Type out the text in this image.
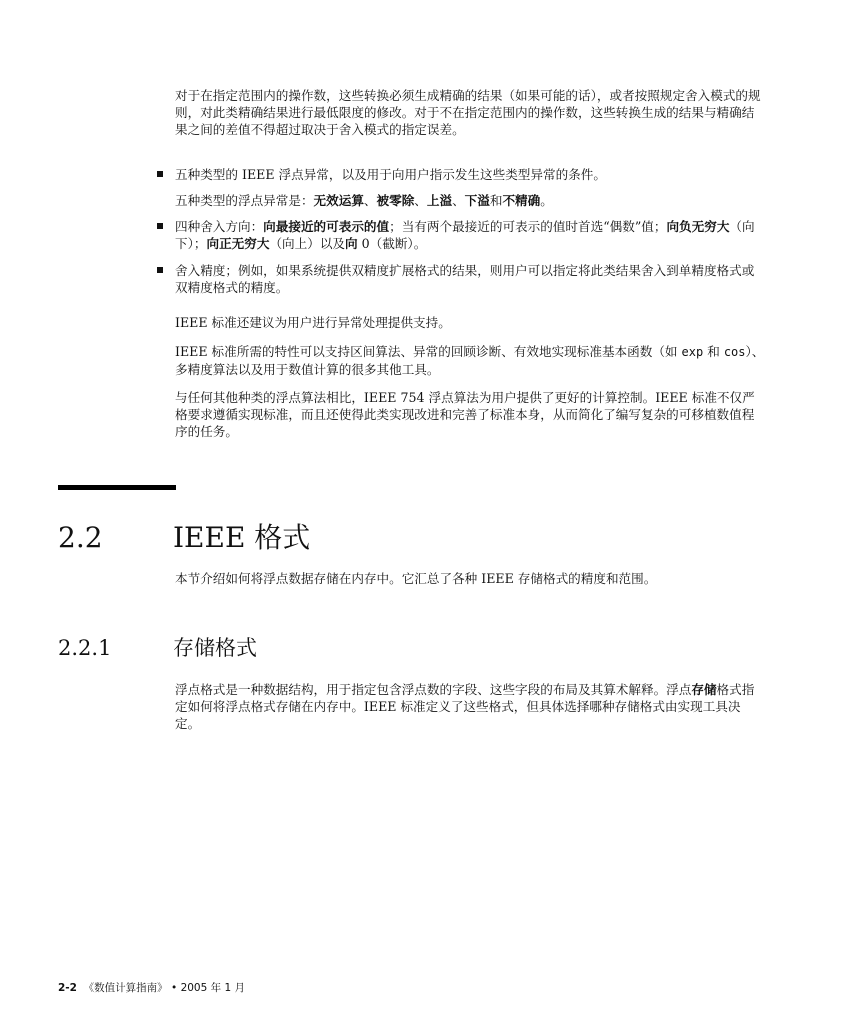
对于在指定范围内的操作数，这些转换必须生成精确的结果（如果可能的话），或者按照规定舍入模式的规则，对此类精确结果进行最低限度的修改。对于不在指定范围内的操作数，这些转换生成的结果与精确结果之间的差值不得超过取决于舍入模式的指定误差。

五种类型的 IEEE 浮点异常，以及用于向用户指示发生这些类型异常的条件。

五种类型的浮点异常是：无效运算、被零除、上溢、下溢和不精确。

四种舍入方向：向最接近的可表示的值；当有两个最接近的可表示的值时首选“偶数”值；向负无穷大（向下）；向正无穷大（向上）以及向 0（截断）。

舍入精度；例如，如果系统提供双精度扩展格式的结果，则用户可以指定将此类结果舍入到单精度格式或双精度格式的精度。

IEEE 标准还建议为用户进行异常处理提供支持。

IEEE 标准所需的特性可以支持区间算法、异常的回顾诊断、有效地实现标准基本函数（如 exp 和 cos）、多精度算法以及用于数值计算的很多其他工具。

与任何其他种类的浮点算法相比，IEEE 754 浮点算法为用户提供了更好的计算控制。IEEE 标准不仅严格要求遵循实现标准，而且还使得此类实现改进和完善了标准本身，从而简化了编写复杂的可移植数值程序的任务。

2.2	IEEE 格式

本节介绍如何将浮点数据存储在内存中。它汇总了各种 IEEE 存储格式的精度和范围。

2.2.1	存储格式

浮点格式是一种数据结构，用于指定包含浮点数的字段、这些字段的布局及其算术解释。浮点存储格式指定如何将浮点格式存储在内存中。IEEE 标准定义了这些格式，但具体选择哪种存储格式由实现工具决定。

2-2 《数值计算指南》 • 2005 年 1 月
